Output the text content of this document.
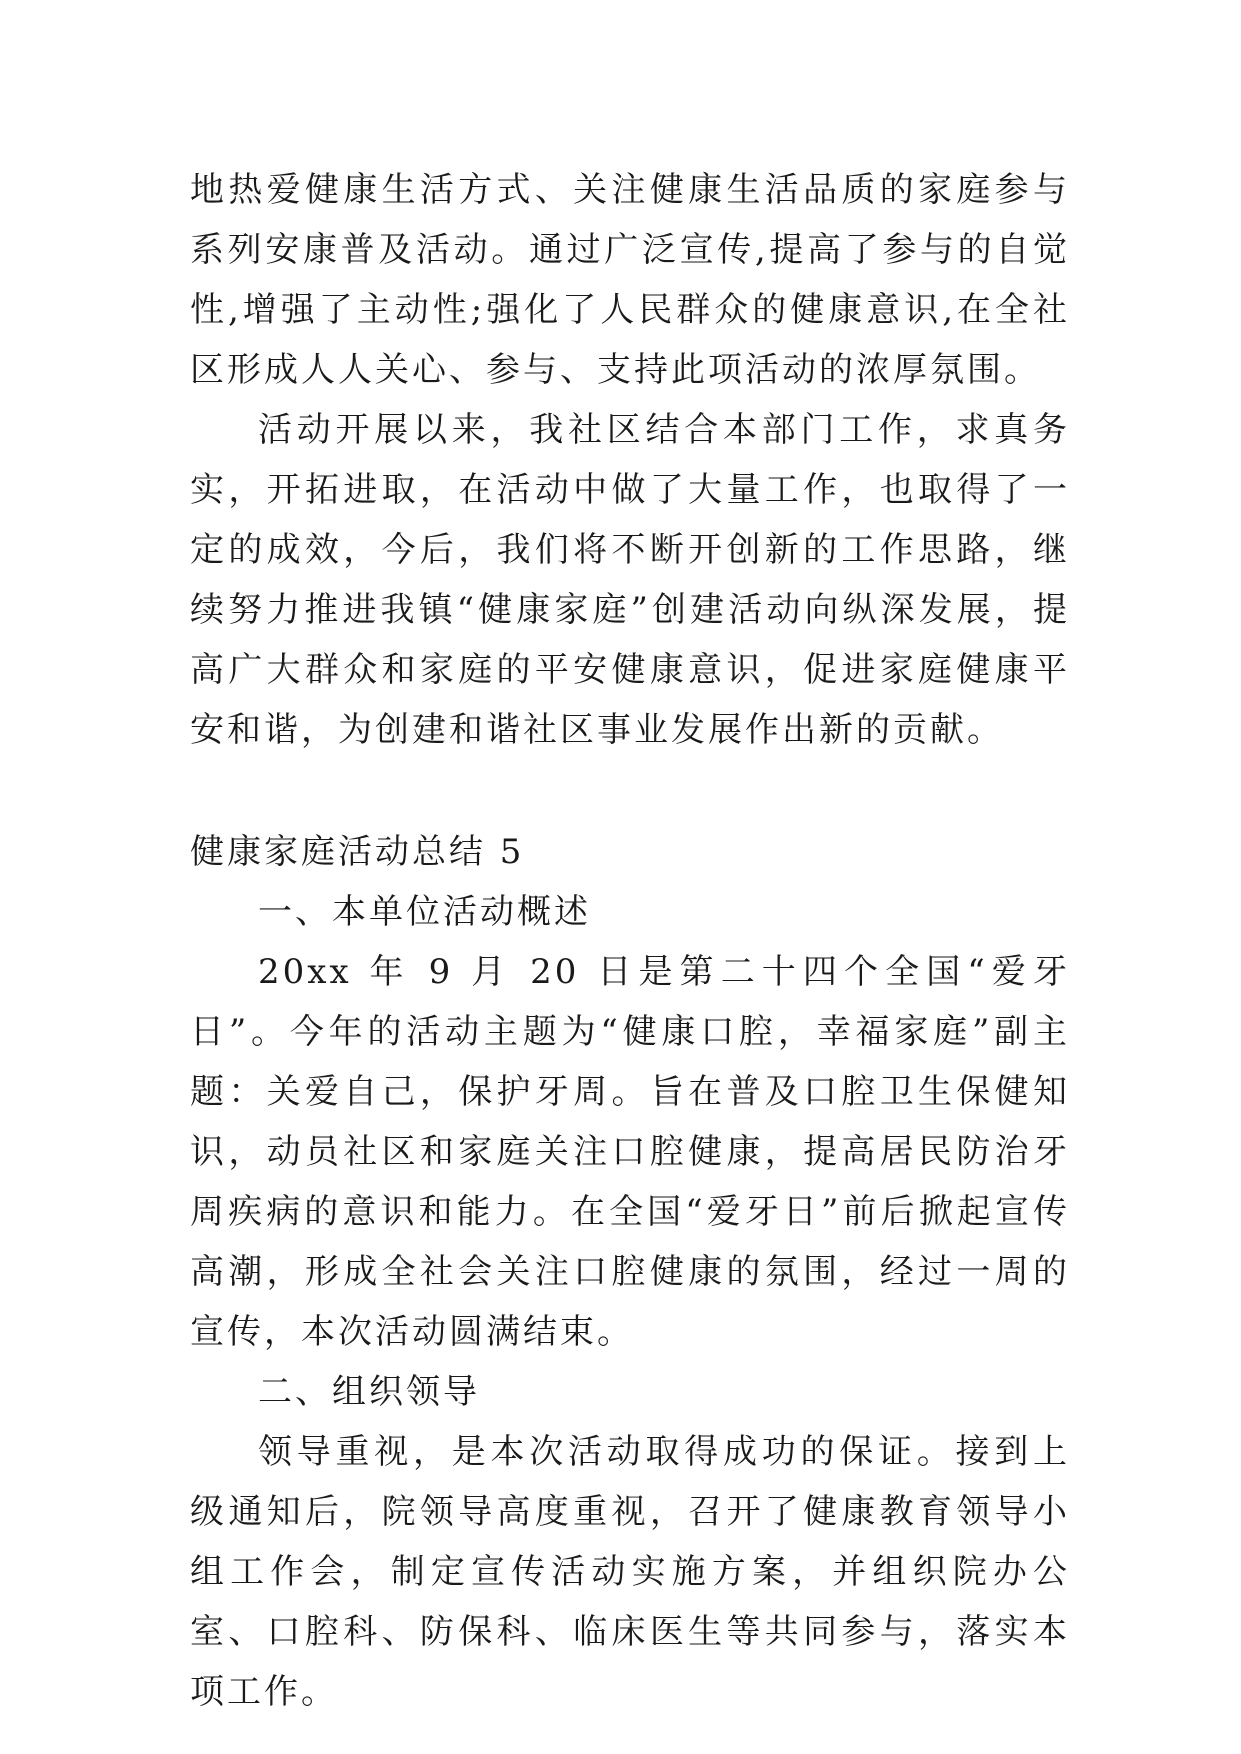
地热爱健康生活方式、关注健康生活品质的家庭参与系列安康普及活动。通过广泛宣传,提高了参与的自觉性,增强了主动性;强化了人民群众的健康意识,在全社区形成人人关心、参与、支持此项活动的浓厚氛围。

活动开展以来，我社区结合本部门工作，求真务实，开拓进取，在活动中做了大量工作，也取得了一定的成效，今后，我们将不断开创新的工作思路，继续努力推进我镇“健康家庭”创建活动向纵深发展，提高广大群众和家庭的平安健康意识，促进家庭健康平安和谐，为创建和谐社区事业发展作出新的贡献。

健康家庭活动总结 5

一、本单位活动概述

20xx 年 9 月 20 日是第二十四个全国“爱牙日”。今年的活动主题为“健康口腔，幸福家庭”副主题：关爱自己，保护牙周。旨在普及口腔卫生保健知识，动员社区和家庭关注口腔健康，提高居民防治牙周疾病的意识和能力。在全国“爱牙日”前后掀起宣传高潮，形成全社会关注口腔健康的氛围，经过一周的宣传，本次活动圆满结束。

二、组织领导

领导重视，是本次活动取得成功的保证。接到上级通知后，院领导高度重视，召开了健康教育领导小组工作会，制定宣传活动实施方案，并组织院办公室、口腔科、防保科、临床医生等共同参与，落实本项工作。
